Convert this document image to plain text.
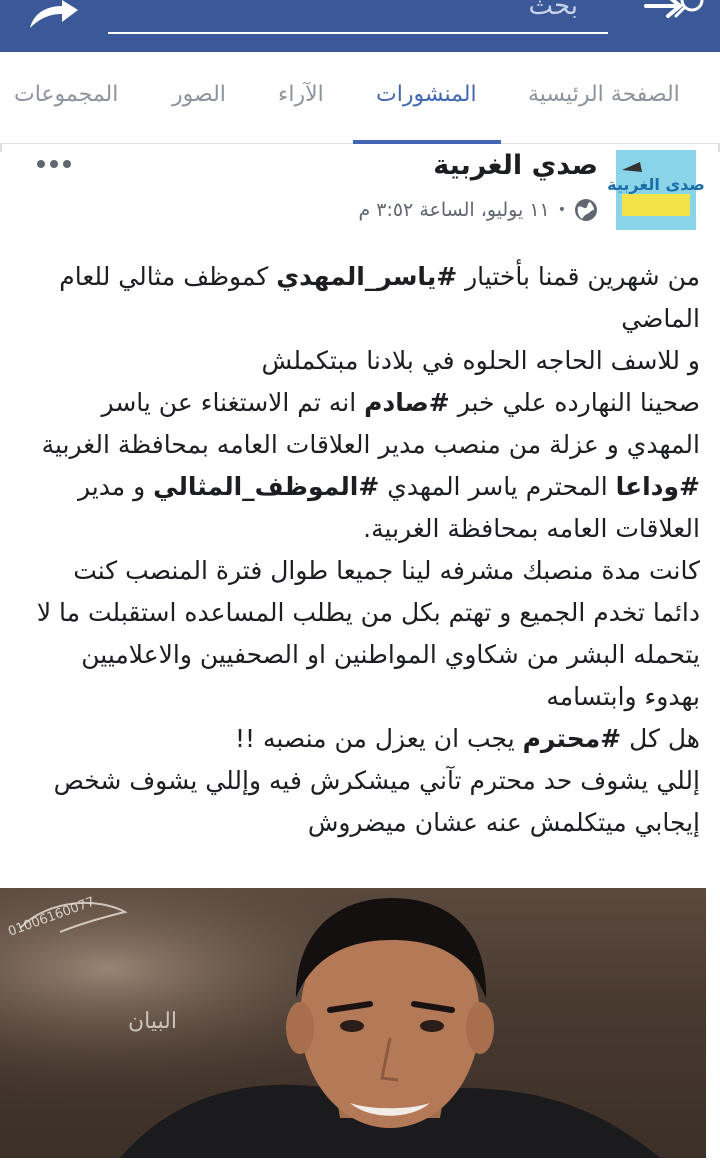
بحث
الصفحة الرئيسية
المنشورات
الآراء
الصور
المجموعات
صدى الغربية
صدي الغربية
١١ يوليو، الساعة ٣:٥٢ م •

من شهرين قمنا بأختيار #ياسر_المهدي كموظف مثالي للعام الماضي

و للاسف الحاجه الحلوه في بلادنا مبتكملش

صحينا النهارده علي خبر #صادم انه تم الاستغناء عن ياسر المهدي و عزلة من منصب مدير العلاقات العامه بمحافظة الغربية

#وداعا المحترم ياسر المهدي #الموظف_المثالي و مدير العلاقات العامه بمحافظة الغربية.

كانت مدة منصبك مشرفه لينا جميعا طوال فترة المنصب كنت دائما تخدم الجميع و تهتم بكل من يطلب المساعده استقبلت ما لا يتحمله البشر من شكاوي المواطنين او الصحفيين والاعلاميين بهدوء وابتسامه

هل كل #محترم يجب ان يعزل من منصبه !!

إللي يشوف حد محترم تآني ميشكرش فيه وإللي يشوف شخص إيجابي ميتكلمش عنه عشان ميضروش

01006160077
البيان
